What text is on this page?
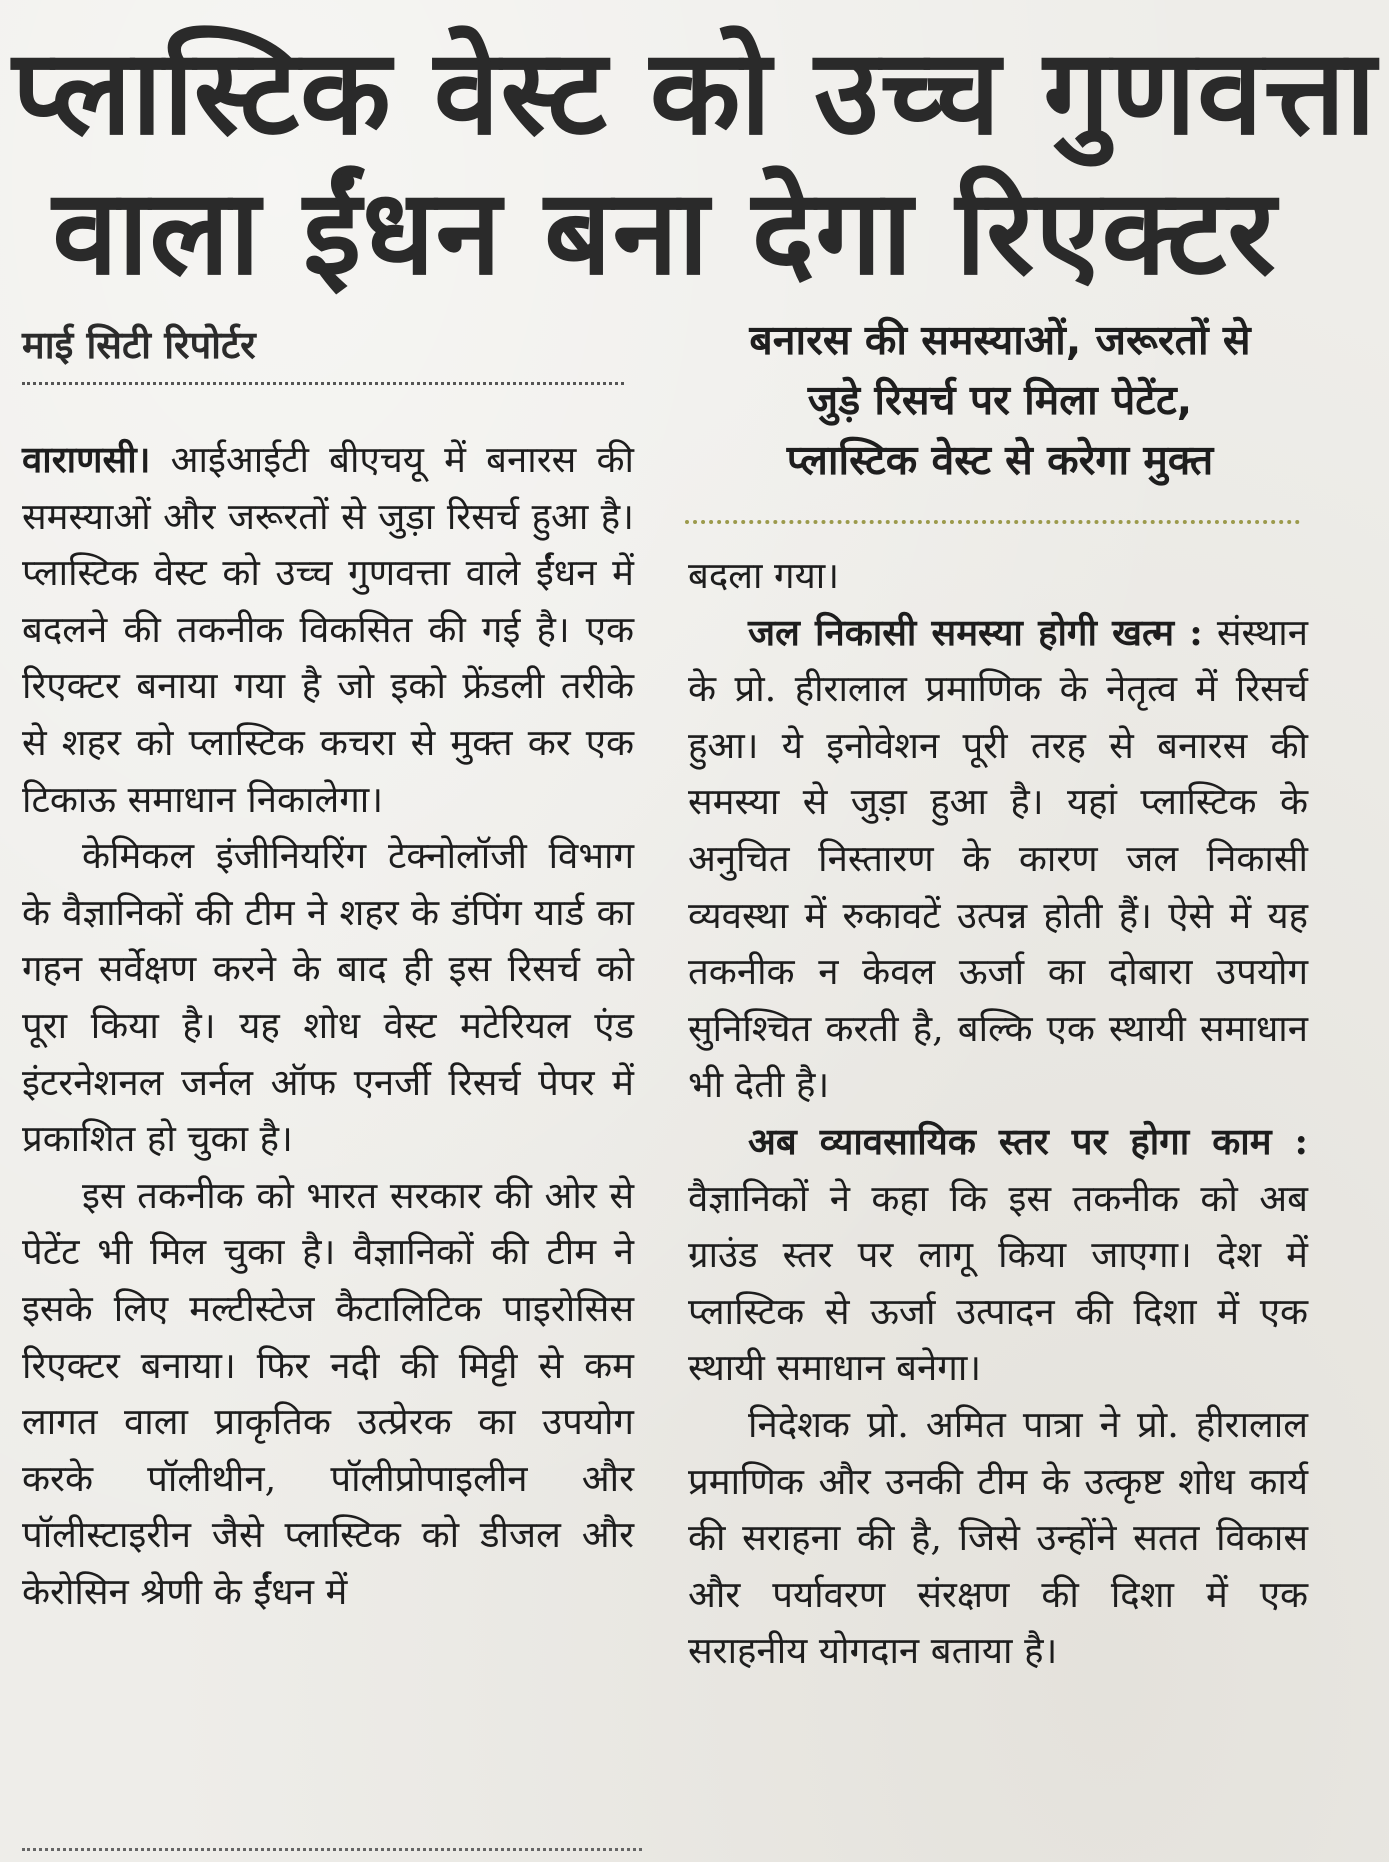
प्लास्टिक वेस्ट को उच्च गुणवत्ता
वाला ईंधन बना देगा रिएक्टर
माई सिटी रिपोर्टर	बनारस की समस्याओं, जरूरतों से
जुड़े रिसर्च पर मिला पेटेंट,
प्लास्टिक वेस्ट से करेगा मुक्त

वाराणसी। आईआईटी बीएचयू में बनारस की समस्याओं और जरूरतों से जुड़ा रिसर्च हुआ है। प्लास्टिक वेस्ट को उच्च गुणवत्ता वाले ईंधन में बदलने की तकनीक विकसित की गई है। एक रिएक्टर बनाया गया है जो इको फ्रेंडली तरीके से शहर को प्लास्टिक कचरा से मुक्त कर एक टिकाऊ समाधान निकालेगा।

केमिकल इंजीनियरिंग टेक्नोलॉजी विभाग के वैज्ञानिकों की टीम ने शहर के डंपिंग यार्ड का गहन सर्वेक्षण करने के बाद ही इस रिसर्च को पूरा किया है। यह शोध वेस्ट मटेरियल एंड इंटरनेशनल जर्नल ऑफ एनर्जी रिसर्च पेपर में प्रकाशित हो चुका है।

इस तकनीक को भारत सरकार की ओर से पेटेंट भी मिल चुका है। वैज्ञानिकों की टीम ने इसके लिए मल्टीस्टेज कैटालिटिक पाइरोसिस रिएक्टर बनाया। फिर नदी की मिट्टी से कम लागत वाला प्राकृतिक उत्प्रेरक का उपयोग करके पॉलीथीन, पॉलीप्रोपाइलीन और पॉलीस्टाइरीन जैसे प्लास्टिक को डीजल और केरोसिन श्रेणी के ईंधन में

बदला गया।

जल निकासी समस्या होगी खत्म : संस्थान के प्रो. हीरालाल प्रमाणिक के नेतृत्व में रिसर्च हुआ। ये इनोवेशन पूरी तरह से बनारस की समस्या से जुड़ा हुआ है। यहां प्लास्टिक के अनुचित निस्तारण के कारण जल निकासी व्यवस्था में रुकावटें उत्पन्न होती हैं। ऐसे में यह तकनीक न केवल ऊर्जा का दोबारा उपयोग सुनिश्चित करती है, बल्कि एक स्थायी समाधान भी देती है।

अब व्यावसायिक स्तर पर होगा काम : वैज्ञानिकों ने कहा कि इस तकनीक को अब ग्राउंड स्तर पर लागू किया जाएगा। देश में प्लास्टिक से ऊर्जा उत्पादन की दिशा में एक स्थायी समाधान बनेगा।

निदेशक प्रो. अमित पात्रा ने प्रो. हीरालाल प्रमाणिक और उनकी टीम के उत्कृष्ट शोध कार्य की सराहना की है, जिसे उन्होंने सतत विकास और पर्यावरण संरक्षण की दिशा में एक सराहनीय योगदान बताया है।
